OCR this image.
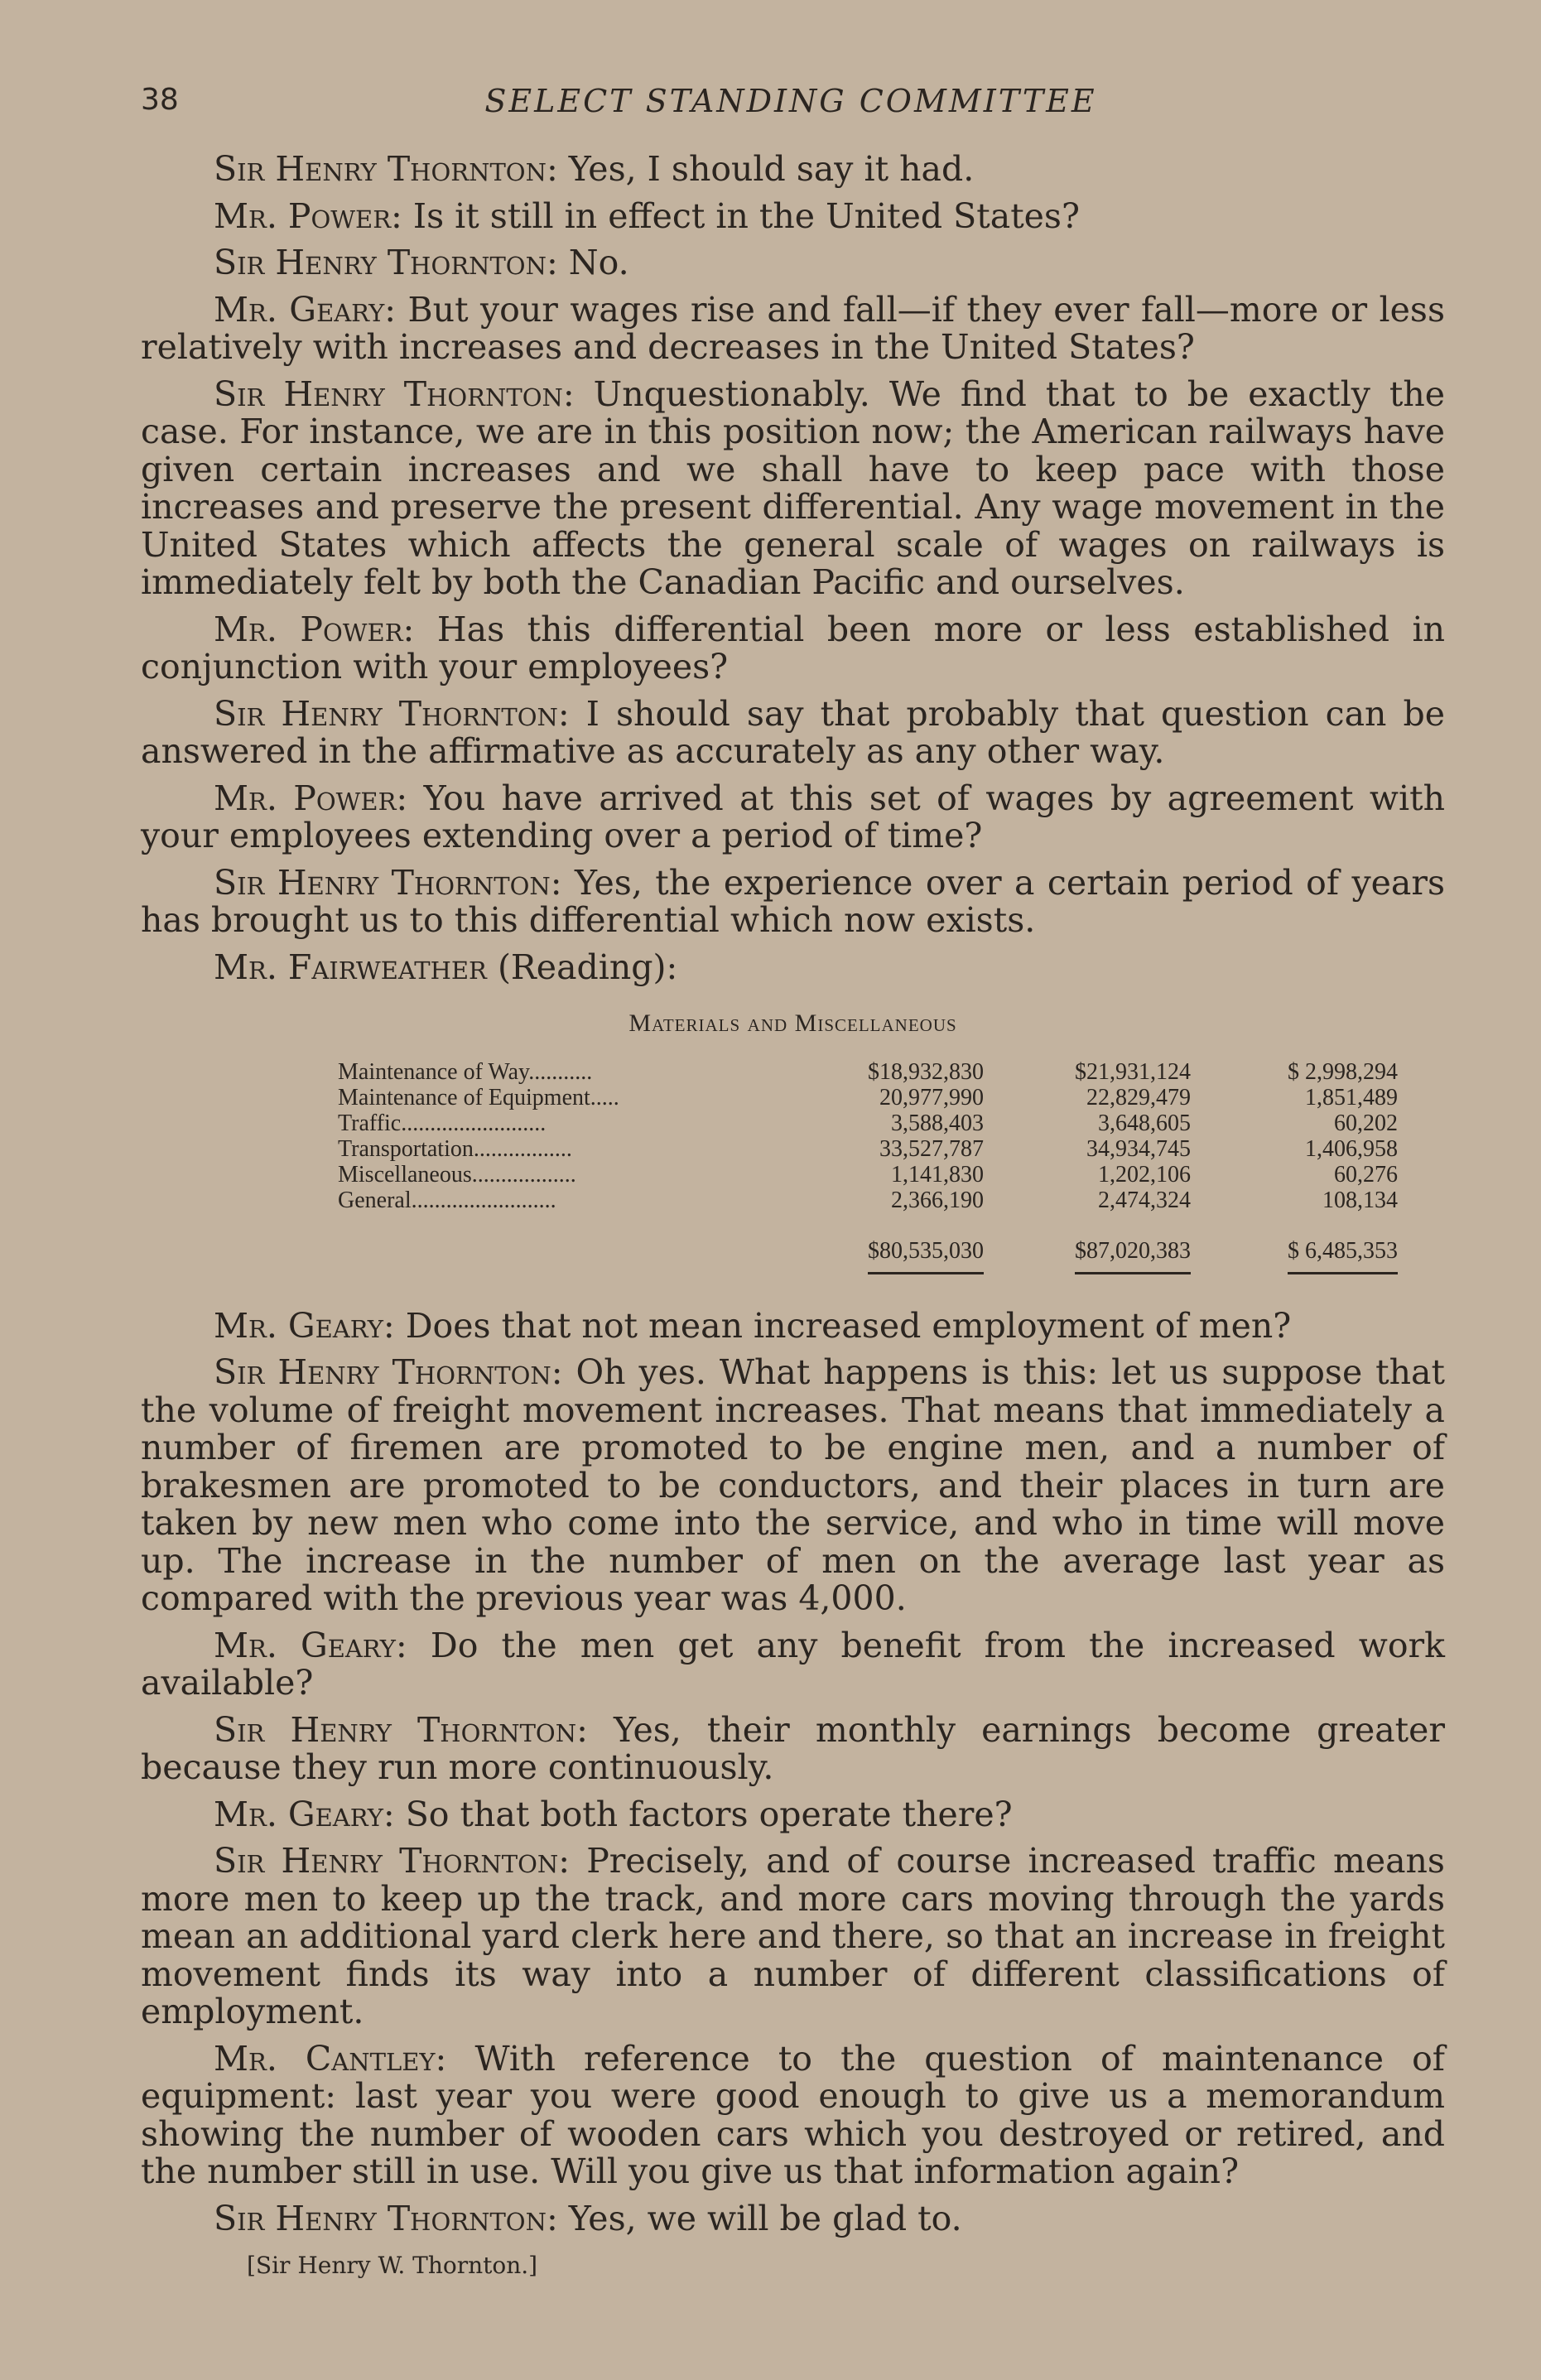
38	SELECT STANDING COMMITTEE

Sir Henry Thornton: Yes, I should say it had.

Mr. Power: Is it still in effect in the United States?

Sir Henry Thornton: No.

Mr. Geary: But your wages rise and fall—if they ever fall—more or less relatively with increases and decreases in the United States?

Sir Henry Thornton: Unquestionably. We find that to be exactly the case. For instance, we are in this position now; the American railways have given certain increases and we shall have to keep pace with those increases and preserve the present differential. Any wage movement in the United States which affects the general scale of wages on railways is immediately felt by both the Canadian Pacific and ourselves.

Mr. Power: Has this differential been more or less established in conjunction with your employees?

Sir Henry Thornton: I should say that probably that question can be answered in the affirmative as accurately as any other way.

Mr. Power: You have arrived at this set of wages by agreement with your employees extending over a period of time?

Sir Henry Thornton: Yes, the experience over a certain period of years has brought us to this differential which now exists.

Mr. Fairweather (Reading):

Materials and Miscellaneous
Maintenance of Way...........	$18,932,830	$21,931,124	$ 2,998,294
Maintenance of Equipment.....	20,977,990	22,829,479	1,851,489
Traffic.........................	3,588,403	3,648,605	60,202
Transportation.................	33,527,787	34,934,745	1,406,958
Miscellaneous..................	1,141,830	1,202,106	60,276
General.........................	2,366,190	2,474,324	108,134
	$80,535,030	$87,020,383	$ 6,485,353

Mr. Geary: Does that not mean increased employment of men?

Sir Henry Thornton: Oh yes. What happens is this: let us suppose that the volume of freight movement increases. That means that immediately a number of firemen are promoted to be engine men, and a number of brakesmen are promoted to be conductors, and their places in turn are taken by new men who come into the service, and who in time will move up. The increase in the number of men on the average last year as compared with the previous year was 4,000.

Mr. Geary: Do the men get any benefit from the increased work available?

Sir Henry Thornton: Yes, their monthly earnings become greater because they run more continuously.

Mr. Geary: So that both factors operate there?

Sir Henry Thornton: Precisely, and of course increased traffic means more men to keep up the track, and more cars moving through the yards mean an additional yard clerk here and there, so that an increase in freight movement finds its way into a number of different classifications of employment.

Mr. Cantley: With reference to the question of maintenance of equipment: last year you were good enough to give us a memorandum showing the number of wooden cars which you destroyed or retired, and the number still in use. Will you give us that information again?

Sir Henry Thornton: Yes, we will be glad to.

[Sir Henry W. Thornton.]
